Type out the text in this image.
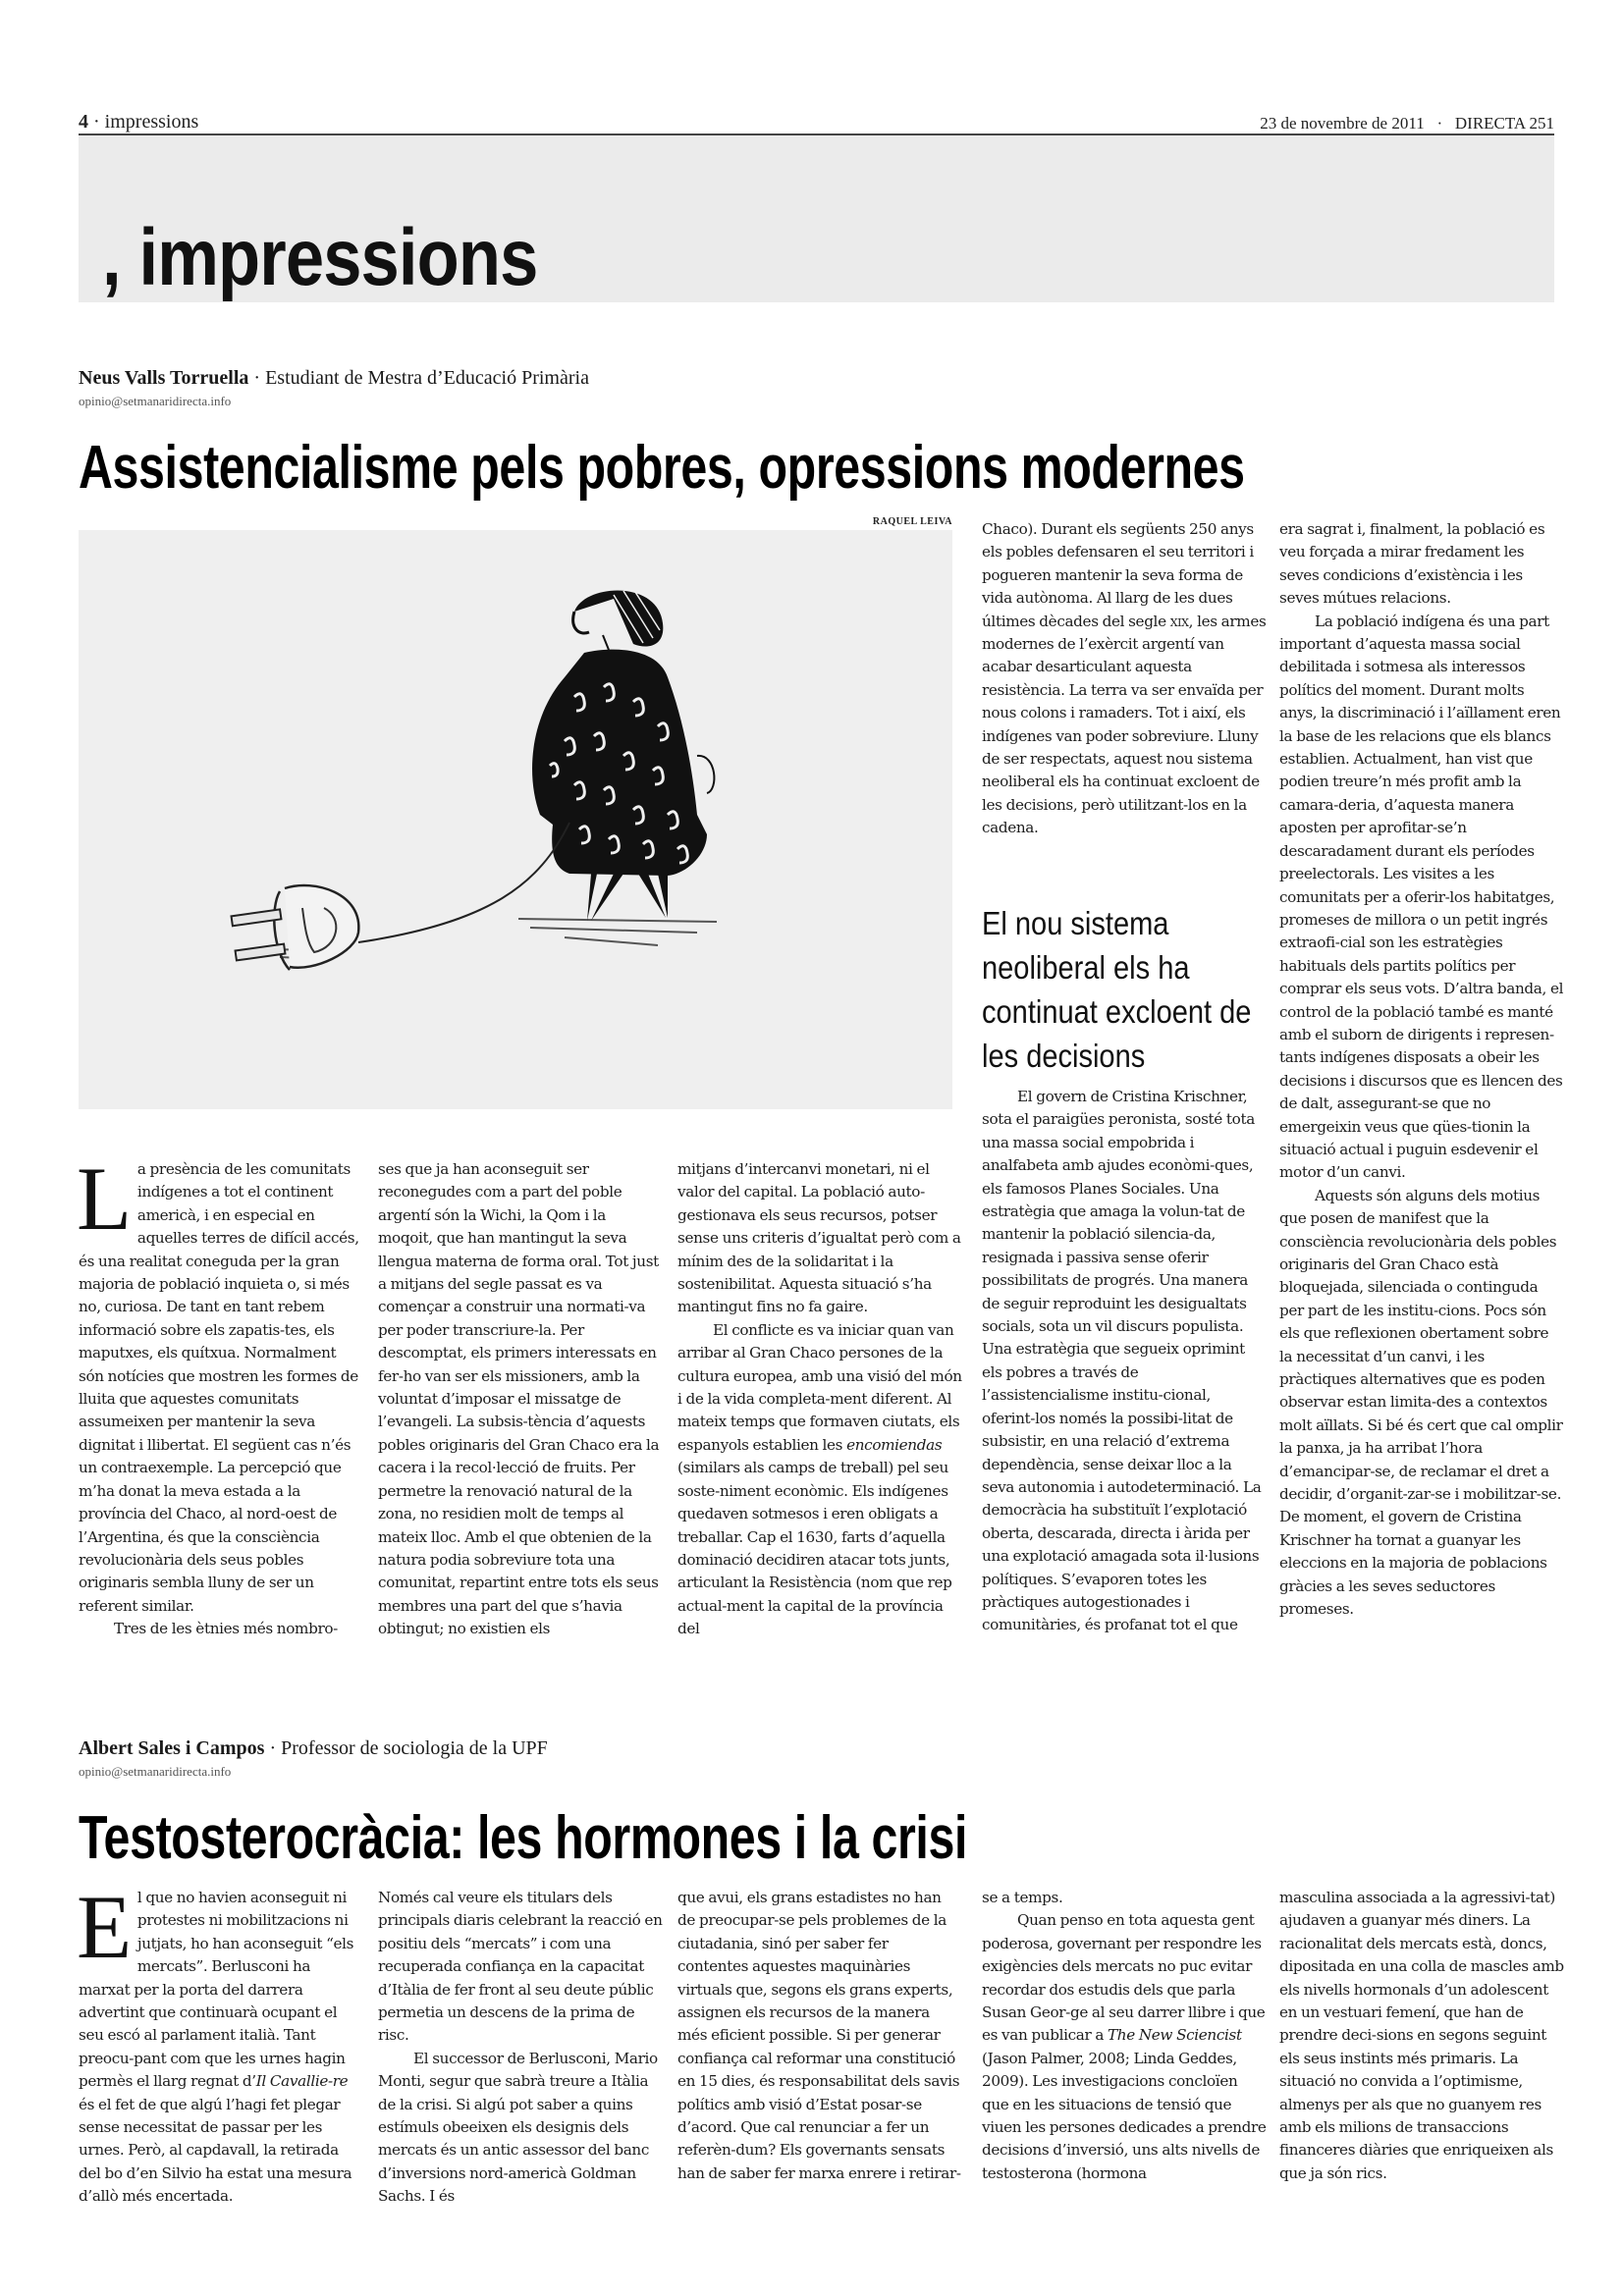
4 · impressions	23 de novembre de 2011 · DIRECTA 251
, impressions
Neus Valls Torruella · Estudiant de Mestra d’Educació Primària
opinio@setmanaridirecta.info
Assistencialisme pels pobres, opressions modernes
RAQUEL LEIVA
El nou sistema neoliberal els ha continuat excloent de les decisions

La presència de les comunitats indígenes a tot el continent americà, i en especial en aquelles terres de difícil accés, és una realitat coneguda per la gran majoria de població inquieta o, si més no, curiosa. De tant en tant rebem informació sobre els zapatis-tes, els maputxes, els quítxua. Normalment són notícies que mostren les formes de lluita que aquestes comunitats assumeixen per mantenir la seva dignitat i llibertat. El següent cas n’és un contraexemple. La percepció que m’ha donat la meva estada a la província del Chaco, al nord-oest de l’Argentina, és que la consciència revolucionària dels seus pobles originaris sembla lluny de ser un referent similar.

Tres de les ètnies més nombro-

ses que ja han aconseguit ser reconegudes com a part del poble argentí són la Wichi, la Qom i la moqoit, que han mantingut la seva llengua materna de forma oral. Tot just a mitjans del segle passat es va començar a construir una normati-va per poder transcriure-la. Per descomptat, els primers interessats en fer-ho van ser els missioners, amb la voluntat d’imposar el missatge de l’evangeli. La subsis-tència d’aquests pobles originaris del Gran Chaco era la cacera i la recol·lecció de fruits. Per permetre la renovació natural de la zona, no residien molt de temps al mateix lloc. Amb el que obtenien de la natura podia sobreviure tota una comunitat, repartint entre tots els seus membres una part del que s’havia obtingut; no existien els

mitjans d’intercanvi monetari, ni el valor del capital. La població auto-gestionava els seus recursos, potser sense uns criteris d’igualtat però com a mínim des de la solidaritat i la sostenibilitat. Aquesta situació s’ha mantingut fins no fa gaire.

El conflicte es va iniciar quan van arribar al Gran Chaco persones de la cultura europea, amb una visió del món i de la vida completa-ment diferent. Al mateix temps que formaven ciutats, els espanyols establien les encomiendas (similars als camps de treball) pel seu soste-niment econòmic. Els indígenes quedaven sotmesos i eren obligats a treballar. Cap el 1630, farts d’aquella dominació decidiren atacar tots junts, articulant la Resistència (nom que rep actual-ment la capital de la província del

Chaco). Durant els següents 250 anys els pobles defensaren el seu territori i pogueren mantenir la seva forma de vida autònoma. Al llarg de les dues últimes dècades del segle xix, les armes modernes de l’exèrcit argentí van acabar desarticulant aquesta resistència. La terra va ser envaïda per nous colons i ramaders. Tot i així, els indígenes van poder sobreviure. Lluny de ser respectats, aquest nou sistema neoliberal els ha continuat excloent de les decisions, però utilitzant-los en la cadena.

El govern de Cristina Krischner, sota el paraigües peronista, sosté tota una massa social empobrida i analfabeta amb ajudes econòmi-ques, els famosos Planes Sociales. Una estratègia que amaga la volun-tat de mantenir la població silencia-da, resignada i passiva sense oferir possibilitats de progrés. Una manera de seguir reproduint les desigualtats socials, sota un vil discurs populista. Una estratègia que segueix oprimint els pobres a través de l’assistencialisme institu-cional, oferint-los només la possibi-litat de subsistir, en una relació d’extrema dependència, sense deixar lloc a la seva autonomia i autodeterminació. La democràcia ha substituït l’explotació oberta, descarada, directa i àrida per una explotació amagada sota il·lusions polítiques. S’evaporen totes les pràctiques autogestionades i comunitàries, és profanat tot el que

era sagrat i, finalment, la població es veu forçada a mirar fredament les seves condicions d’existència i les seves mútues relacions.

La població indígena és una part important d’aquesta massa social debilitada i sotmesa als interessos polítics del moment. Durant molts anys, la discriminació i l’aïllament eren la base de les relacions que els blancs establien. Actualment, han vist que podien treure’n més profit amb la camara-deria, d’aquesta manera aposten per aprofitar-se’n descaradament durant els períodes preelectorals. Les visites a les comunitats per a oferir-los habitatges, promeses de millora o un petit ingrés extraofi-cial son les estratègies habituals dels partits polítics per comprar els seus vots. D’altra banda, el control de la població també es manté amb el suborn de dirigents i represen-tants indígenes disposats a obeir les decisions i discursos que es llencen des de dalt, assegurant-se que no emergeixin veus que qües-tionin la situació actual i puguin esdevenir el motor d’un canvi.

Aquests són alguns dels motius que posen de manifest que la consciència revolucionària dels pobles originaris del Gran Chaco està bloquejada, silenciada o contingudа per part de les institu-cions. Pocs són els que reflexionen obertament sobre la necessitat d’un canvi, i les pràctiques alternatives que es poden observar estan limita-des a contextos molt aïllats. Si bé és cert que cal omplir la panxa, ja ha arribat l’hora d’emancipar-se, de reclamar el dret a decidir, d’organit-zar-se i mobilitzar-se. De moment, el govern de Cristina Krischner ha tornat a guanyar les eleccions en la majoria de poblacions gràcies a les seves seductores promeses.

Albert Sales i Campos · Professor de sociologia de la UPF
opinio@setmanaridirecta.info
Testosterocràcia: les hormones i la crisi

El que no havien aconseguit ni protestes ni mobilitzacions ni jutjats, ho han aconseguit “els mercats”. Berlusconi ha marxat per la porta del darrera advertint que continuarà ocupant el seu escó al parlament italià. Tant preocu-pant com que les urnes hagin permès el llarg regnat d’Il Cavallie-re és el fet de que algú l’hagi fet plegar sense necessitat de passar per les urnes. Però, al capdavall, la retirada del bo d’en Silvio ha estat una mesura d’allò més encertada.

Només cal veure els titulars dels principals diaris celebrant la reacció en positiu dels “mercats” i com una recuperada confiança en la capacitat d’Itàlia de fer front al seu deute públic permetia un descens de la prima de risc.

El successor de Berlusconi, Mario Monti, segur que sabrà treure a Itàlia de la crisi. Si algú pot saber a quins estímuls obeeixen els designis dels mercats és un antic assessor del banc d’inversions nord-americà Goldman Sachs. I és

que avui, els grans estadistes no han de preocupar-se pels problemes de la ciutadania, sinó per saber fer contentes aquestes maquinàries virtuals que, segons els grans experts, assignen els recursos de la manera més eficient possible. Si per generar confiança cal reformar una constitució en 15 dies, és responsabilitat dels savis polítics amb visió d’Estat posar-se d’acord. Que cal renunciar a fer un referèn-dum? Els governants sensats han de saber fer marxa enrere i retirar-

se a temps.

Quan penso en tota aquesta gent poderosa, governant per respondre les exigències dels mercats no puc evitar recordar dos estudis dels que parla Susan Geor-ge al seu darrer llibre i que es van publicar a The New Sciencist (Jason Palmer, 2008; Linda Geddes, 2009). Les investigacions concloïen que en les situacions de tensió que viuen les persones dedicades a prendre decisions d’inversió, uns alts nivells de testosterona (hormona

masculina associada a la agressivi-tat) ajudaven a guanyar més diners. La racionalitat dels mercats està, doncs, dipositada en una colla de mascles amb els nivells hormonals d’un adolescent en un vestuari femení, que han de prendre deci-sions en segons seguint els seus instints més primaris. La situació no convida a l’optimisme, almenys per als que no guanyem res amb els milions de transaccions financeres diàries que enriqueixen als que ja són rics.
